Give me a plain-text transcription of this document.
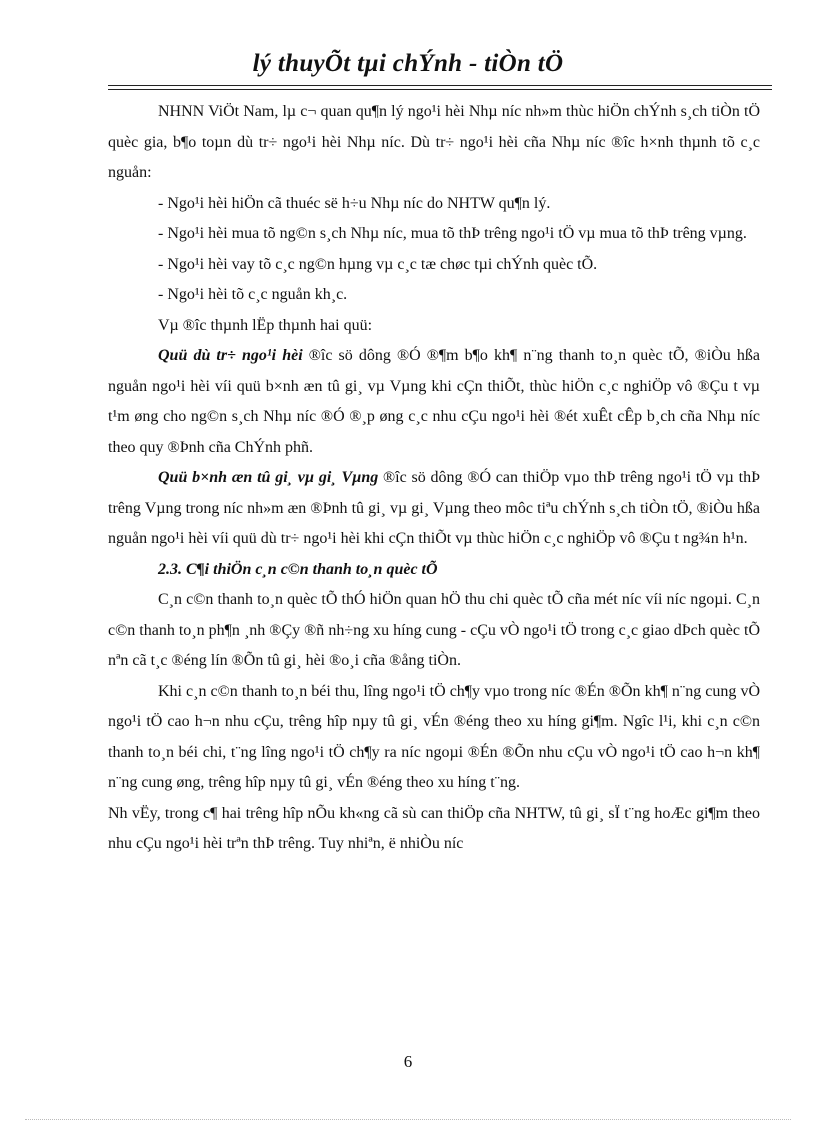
lý thuyÕt tµi chÝnh - tiÒn tÖ

NHNN ViÖt Nam, lµ c¬ quan qu¶n lý ngo¹i hèi Nhµ níc nh»m thùc hiÖn chÝnh s¸ch tiÒn tÖ quèc gia, b¶o toµn dù tr÷ ngo¹i hèi Nhµ níc. Dù tr÷ ngo¹i hèi cña Nhµ níc ®îc h×nh thµnh tõ c¸c nguån:

- Ngo¹i hèi hiÖn cã thuéc së h÷u Nhµ níc do NHTW qu¶n lý.

- Ngo¹i hèi mua tõ ng©n s¸ch Nhµ níc, mua tõ thÞ trêng ngo¹i tÖ vµ mua tõ thÞ trêng vµng.

- Ngo¹i hèi vay tõ c¸c ng©n hµng vµ c¸c tæ chøc tµi chÝnh quèc tÕ.

- Ngo¹i hèi tõ c¸c nguån kh¸c.

Vµ ®îc thµnh lËp thµnh hai quü:

Quü dù tr÷ ngo¹i hèi ®îc sö dông ®Ó ®¶m b¶o kh¶ n¨ng thanh to¸n quèc tÕ, ®iÒu hßa nguån ngo¹i hèi víi quü b×nh æn tû gi¸ vµ Vµng khi cÇn thiÕt, thùc hiÖn c¸c nghiÖp vô ®Çu t vµ t¹m øng cho ng©n s¸ch Nhµ níc ®Ó ®¸p øng c¸c nhu cÇu ngo¹i hèi ®ét xuÊt cÊp b¸ch cña Nhµ níc theo quy ®Þnh cña ChÝnh phñ.

Quü b×nh æn tû gi¸ vµ gi¸ Vµng ®îc sö dông ®Ó can thiÖp vµo thÞ trêng ngo¹i tÖ vµ thÞ trêng Vµng trong níc nh»m æn ®Þnh tû gi¸ vµ gi¸ Vµng theo môc tiªu chÝnh s¸ch tiÒn tÖ, ®iÒu hßa nguån ngo¹i hèi víi quü dù tr÷ ngo¹i hèi khi cÇn thiÕt vµ thùc hiÖn c¸c nghiÖp vô ®Çu t ng¾n h¹n.

2.3. C¶i thiÖn c¸n c©n thanh to¸n quèc tÕ

C¸n c©n thanh to¸n quèc tÕ thÓ hiÖn quan hÖ thu chi quèc tÕ cña mét níc víi níc ngoµi. C¸n c©n thanh to¸n ph¶n ¸nh ®Çy ®ñ nh÷ng xu híng cung - cÇu vÒ ngo¹i tÖ trong c¸c giao dÞch quèc tÕ nªn cã t¸c ®éng lín ®Õn tû gi¸ hèi ®o¸i cña ®ång tiÒn.

Khi c¸n c©n thanh to¸n béi thu, lîng ngo¹i tÖ ch¶y vµo trong níc ®Én ®Õn kh¶ n¨ng cung vÒ ngo¹i tÖ cao h¬n nhu cÇu, trêng hîp nµy tû gi¸ vÉn ®éng theo xu híng gi¶m. Ngîc l¹i, khi c¸n c©n thanh to¸n béi chi, t¨ng lîng ngo¹i tÖ ch¶y ra níc ngoµi ®Én ®Õn nhu cÇu vÒ ngo¹i tÖ cao h¬n kh¶ n¨ng cung øng, trêng hîp nµy tû gi¸ vÉn ®éng theo xu híng t¨ng.

Nh vËy, trong c¶ hai trêng hîp nÕu kh«ng cã sù can thiÖp cña NHTW, tû gi¸ sÏ t¨ng hoÆc gi¶m theo nhu cÇu ngo¹i hèi trªn thÞ trêng. Tuy nhiªn, ë nhiÒu níc

6
